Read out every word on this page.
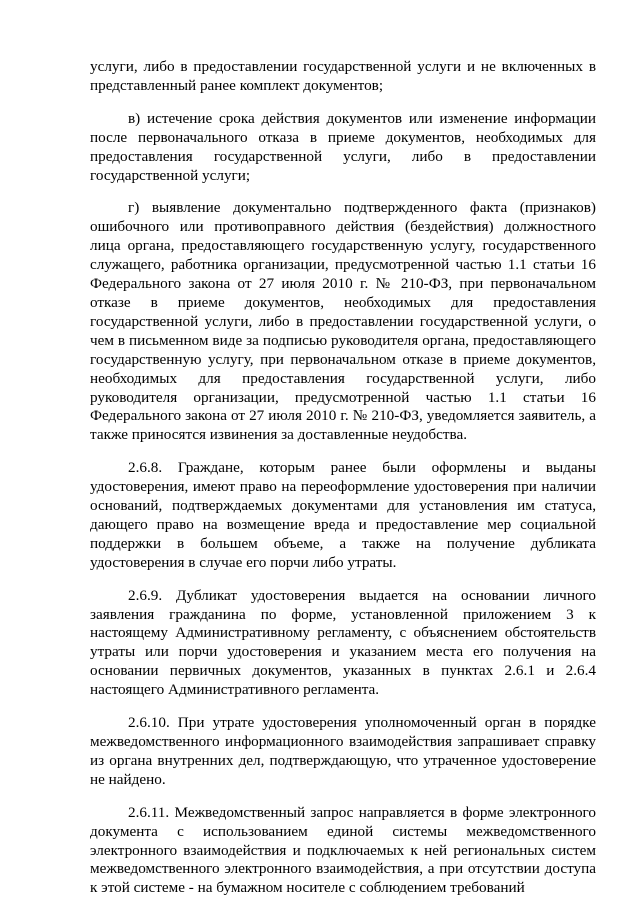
услуги, либо в предоставлении государственной услуги и не включенных в представленный ранее комплект документов;

в) истечение срока действия документов или изменение информации после первоначального отказа в приеме документов, необходимых для предоставления государственной услуги, либо в предоставлении государственной услуги;

г) выявление документально подтвержденного факта (признаков) ошибочного или противоправного действия (бездействия) должностного лица органа, предоставляющего государственную услугу, государственного служащего, работника организации, предусмотренной частью 1.1 статьи 16 Федерального закона от 27 июля 2010 г. № 210-ФЗ, при первоначальном отказе в приеме документов, необходимых для предоставления государственной услуги, либо в предоставлении государственной услуги, о чем в письменном виде за подписью руководителя органа, предоставляющего государственную услугу, при первоначальном отказе в приеме документов, необходимых для предоставления государственной услуги, либо руководителя организации, предусмотренной частью 1.1 статьи 16 Федерального закона от 27 июля 2010 г. № 210-ФЗ, уведомляется заявитель, а также приносятся извинения за доставленные неудобства.

2.6.8. Граждане, которым ранее были оформлены и выданы удостоверения, имеют право на переоформление удостоверения при наличии оснований, подтверждаемых документами для установления им статуса, дающего право на возмещение вреда и предоставление мер социальной поддержки в большем объеме, а также на получение дубликата удостоверения в случае его порчи либо утраты.

2.6.9. Дубликат удостоверения выдается на основании личного заявления гражданина по форме, установленной приложением 3 к настоящему Административному регламенту, с объяснением обстоятельств утраты или порчи удостоверения и указанием места его получения на основании первичных документов, указанных в пунктах 2.6.1 и 2.6.4 настоящего Административного регламента.

2.6.10. При утрате удостоверения уполномоченный орган в порядке межведомственного информационного взаимодействия запрашивает справку из органа внутренних дел, подтверждающую, что утраченное удостоверение не найдено.

2.6.11. Межведомственный запрос направляется в форме электронного документа с использованием единой системы межведомственного электронного взаимодействия и подключаемых к ней региональных систем межведомственного электронного взаимодействия, а при отсутствии доступа к этой системе - на бумажном носителе с соблюдением требований
